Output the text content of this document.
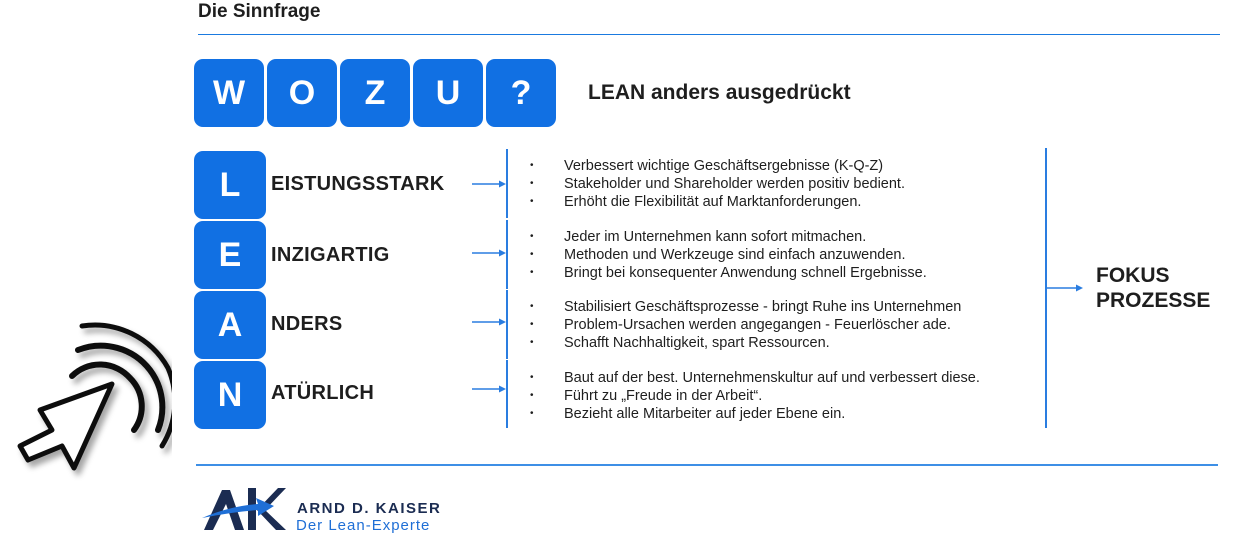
Die Sinnfrage
W	O	Z	U	?	LEAN anders ausgedrückt
L	EISTUNGSSTARK
• Verbessert wichtige Geschäftsergebnisse (K-Q-Z)
• Stakeholder und Shareholder werden positiv bedient.
• Erhöht die Flexibilität auf Marktanforderungen.
E	INZIGARTIG
• Jeder im Unternehmen kann sofort mitmachen.
• Methoden und Werkzeuge sind einfach anzuwenden.
• Bringt bei konsequenter Anwendung schnell Ergebnisse.
A	NDERS
• Stabilisiert Geschäftsprozesse - bringt Ruhe ins Unternehmen
• Problem-Ursachen werden angegangen - Feuerlöscher ade.
• Schafft Nachhaltigkeit, spart Ressourcen.
N	ATÜRLICH
• Baut auf der best. Unternehmenskultur auf und verbessert diese.
• Führt zu „Freude in der Arbeit“.
• Bezieht alle Mitarbeiter auf jeder Ebene ein.
FOKUS
PROZESSE
ARND D. KAISER
Der Lean-Experte
